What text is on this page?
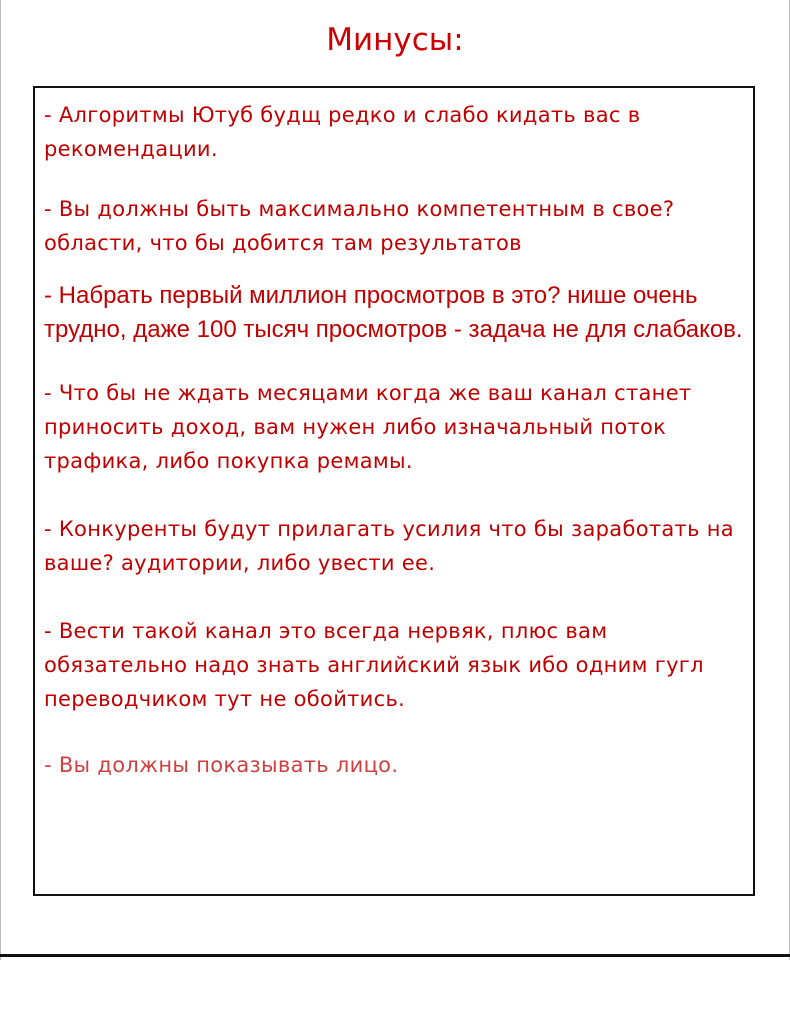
Минусы:

- Алгоритмы Ютуб будщ редко и слабо кидать вас в рекомендации.

- Вы должны быть максимально компетентным в свое? области, что бы добится там результатов

- Набрать первый миллион просмотров в это? нише очень трудно, даже 100 тысяч просмотров - задача не для слабаков.

- Что бы не ждать месяцами когда же ваш канал станет приносить доход, вам нужен либо изначальный поток трафика, либо покупка ремамы.

- Конкуренты будут прилагать усилия что бы заработать на ваше? аудитории, либо увести ее.

- Вести такой канал это всегда нервяк, плюс вам обязательно надо знать английский язык ибо одним гугл переводчиком тут не обойтись.

- Вы должны показывать лицо.
